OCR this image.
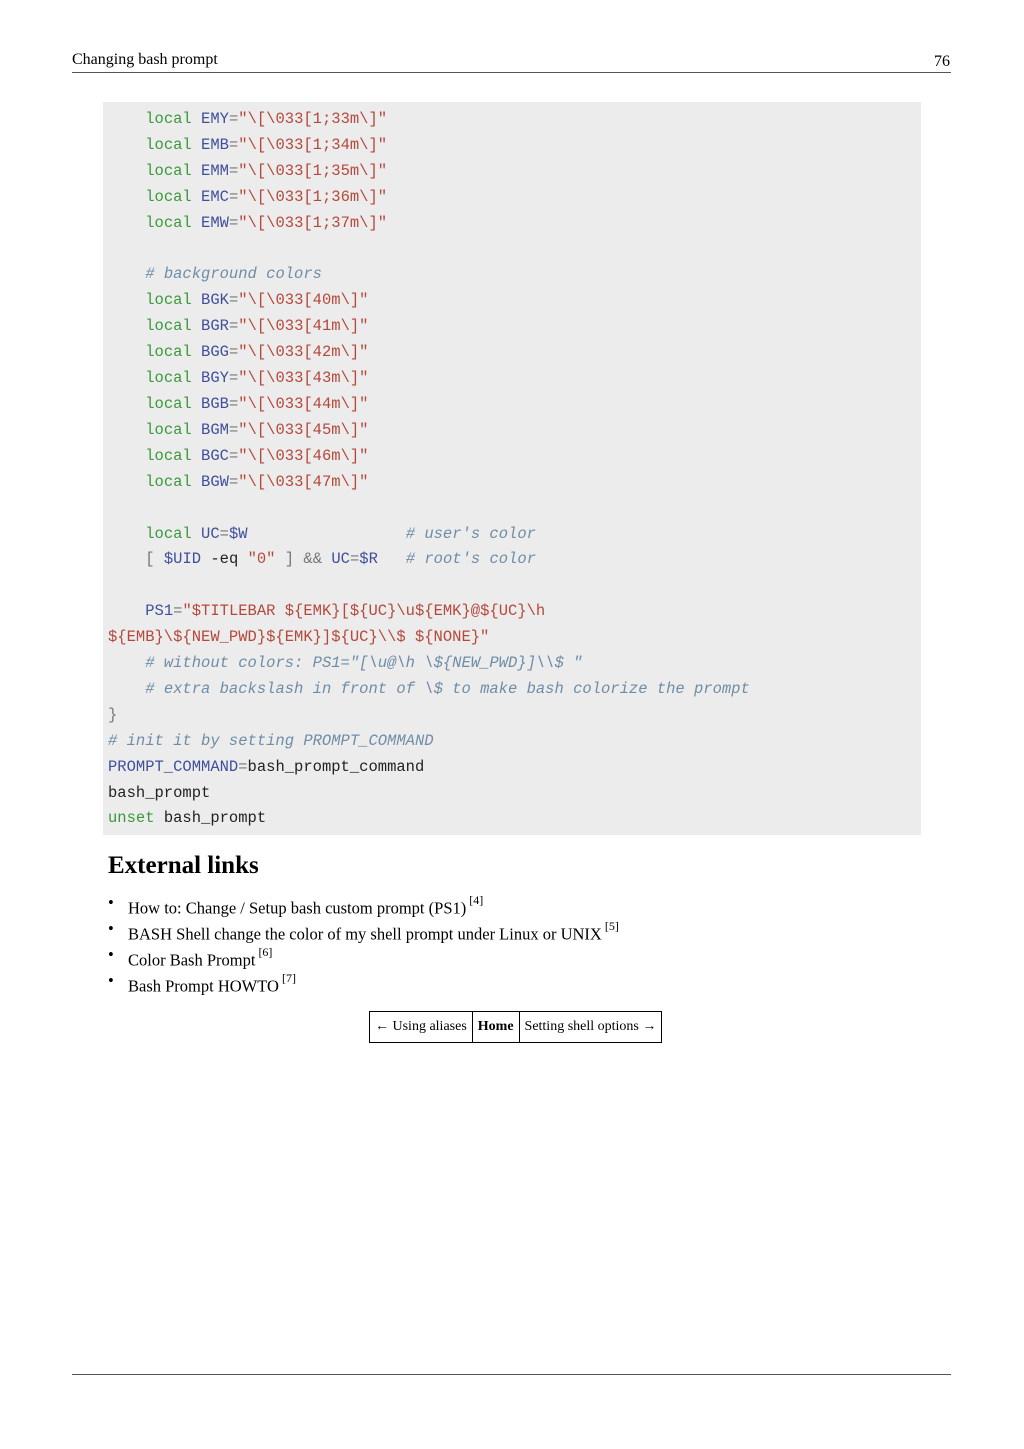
Changing bash prompt	76
local EMY="\[\033[1;33m\]"
local EMB="\[\033[1;34m\]"
local EMM="\[\033[1;35m\]"
local EMC="\[\033[1;36m\]"
local EMW="\[\033[1;37m\]"

# background colors
local BGK="\[\033[40m\]"
local BGR="\[\033[41m\]"
local BGG="\[\033[42m\]"
local BGY="\[\033[43m\]"
local BGB="\[\033[44m\]"
local BGM="\[\033[45m\]"
local BGC="\[\033[46m\]"
local BGW="\[\033[47m\]"

local UC=$W	# user's color
[ $UID -eq "0" ] && UC=$R # root's color

PS1="$TITLEBAR ${EMK}[${UC}\u${EMK}@${UC}\h
${EMB}\${NEW_PWD}${EMK}]${UC}\\$ ${NONE}"
# without colors: PS1="[\u@\h \${NEW_PWD}]\\$ "
# extra backslash in front of \$ to make bash colorize the prompt
}
# init it by setting PROMPT_COMMAND
PROMPT_COMMAND=bash_prompt_command
bash_prompt
unset bash_prompt
External links
• How to: Change / Setup bash custom prompt (PS1) [4]
• BASH Shell change the color of my shell prompt under Linux or UNIX [5]
• Color Bash Prompt [6]
• Bash Prompt HOWTO [7]
← Using aliases	Home	Setting shell options →
